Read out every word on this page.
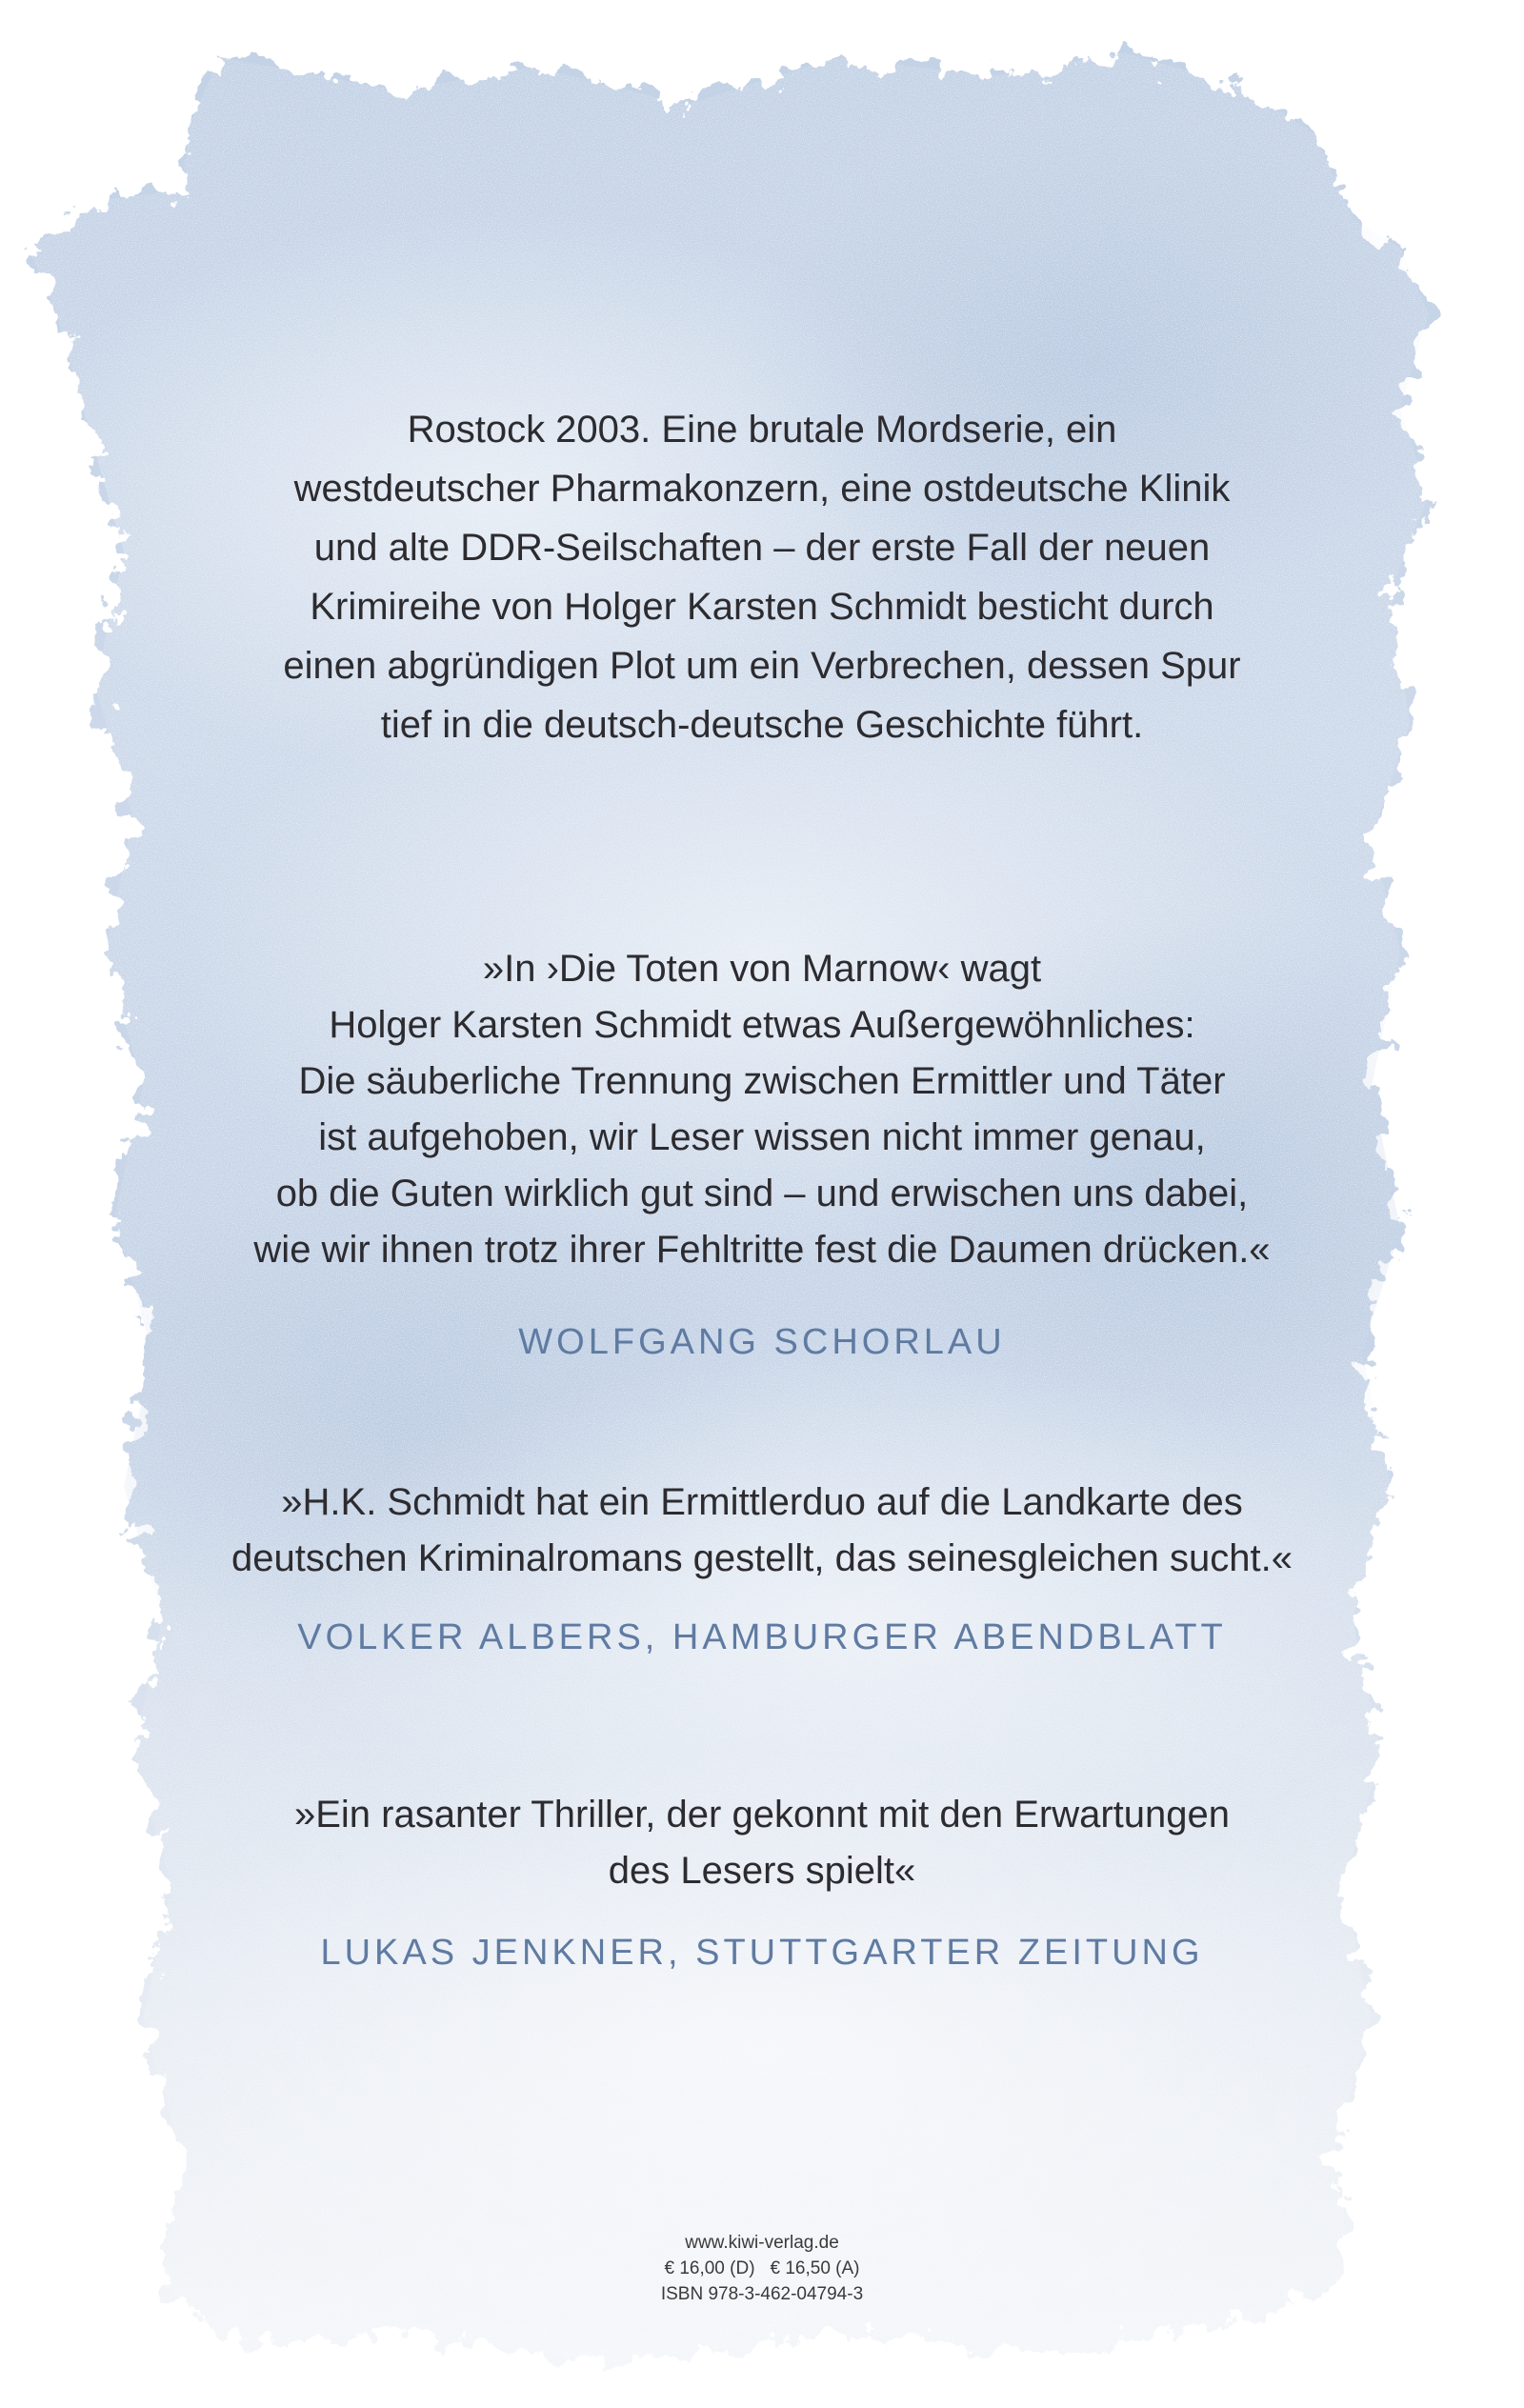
Rostock 2003. Eine brutale Mordserie, ein
westdeutscher Pharmakonzern, eine ostdeutsche Klinik
und alte DDR-Seilschaften – der erste Fall der neuen
Krimireihe von Holger Karsten Schmidt besticht durch
einen abgründigen Plot um ein Verbrechen, dessen Spur
tief in die deutsch-deutsche Geschichte führt.
»In ›Die Toten von Marnow‹ wagt
Holger Karsten Schmidt etwas Außergewöhnliches:
Die säuberliche Trennung zwischen Ermittler und Täter
ist aufgehoben, wir Leser wissen nicht immer genau,
ob die Guten wirklich gut sind – und erwischen uns dabei,
wie wir ihnen trotz ihrer Fehltritte fest die Daumen drücken.«
WOLFGANG SCHORLAU
»H.K. Schmidt hat ein Ermittlerduo auf die Landkarte des
deutschen Kriminalromans gestellt, das seinesgleichen sucht.«
VOLKER ALBERS, HAMBURGER ABENDBLATT
»Ein rasanter Thriller, der gekonnt mit den Erwartungen
des Lesers spielt«
LUKAS JENKNER, STUTTGARTER ZEITUNG
www.kiwi-verlag.de
€ 16,00 (D) € 16,50 (A)
ISBN 978-3-462-04794-3
